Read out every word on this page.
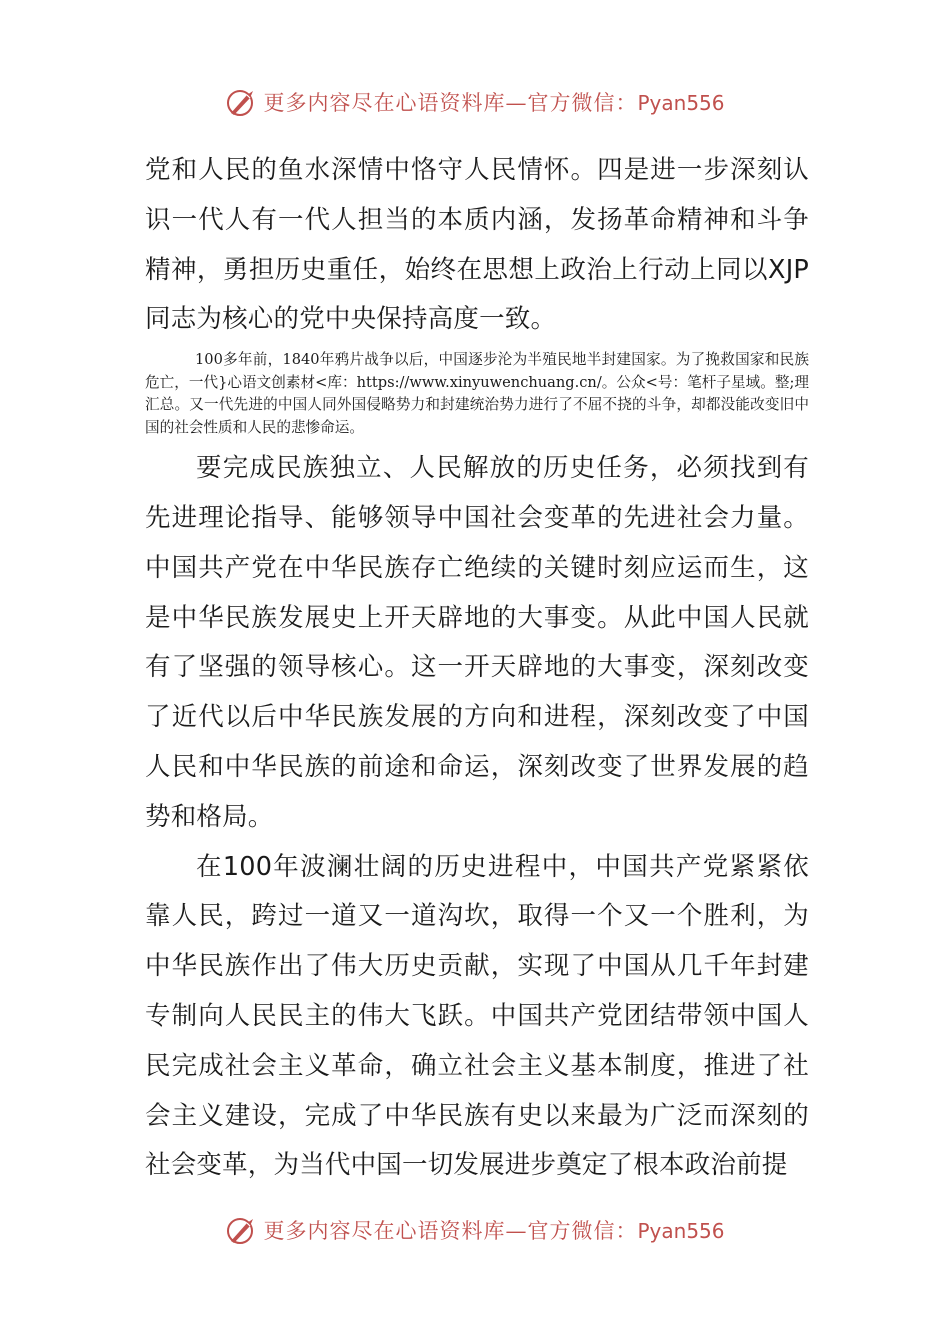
更多内容尽在心语资料库—官方微信：Pyan556

党和人民的鱼水深情中恪守人民情怀。四是进一步深刻认识一代人有一代人担当的本质内涵，发扬革命精神和斗争精神，勇担历史重任，始终在思想上政治上行动上同以XJP同志为核心的党中央保持高度一致。

100多年前，1840年鸦片战争以后，中国逐步沦为半殖民地半封建国家。为了挽救国家和民族危亡，一代}心语文创素材<库：https://www.xinyuwenchuang.cn/。公众<号：笔杆子星域。整;理汇总。又一代先进的中国人同外国侵略势力和封建统治势力进行了不屈不挠的斗争，却都没能改变旧中国的社会性质和人民的悲惨命运。

要完成民族独立、人民解放的历史任务，必须找到有先进理论指导、能够领导中国社会变革的先进社会力量。中国共产党在中华民族存亡绝续的关键时刻应运而生，这是中华民族发展史上开天辟地的大事变。从此中国人民就有了坚强的领导核心。这一开天辟地的大事变，深刻改变了近代以后中华民族发展的方向和进程，深刻改变了中国人民和中华民族的前途和命运，深刻改变了世界发展的趋势和格局。

在100年波澜壮阔的历史进程中，中国共产党紧紧依靠人民，跨过一道又一道沟坎，取得一个又一个胜利，为中华民族作出了伟大历史贡献，实现了中国从几千年封建专制向人民民主的伟大飞跃。中国共产党团结带领中国人民完成社会主义革命，确立社会主义基本制度，推进了社会主义建设，完成了中华民族有史以来最为广泛而深刻的社会变革，为当代中国一切发展进步奠定了根本政治前提

更多内容尽在心语资料库—官方微信：Pyan556
